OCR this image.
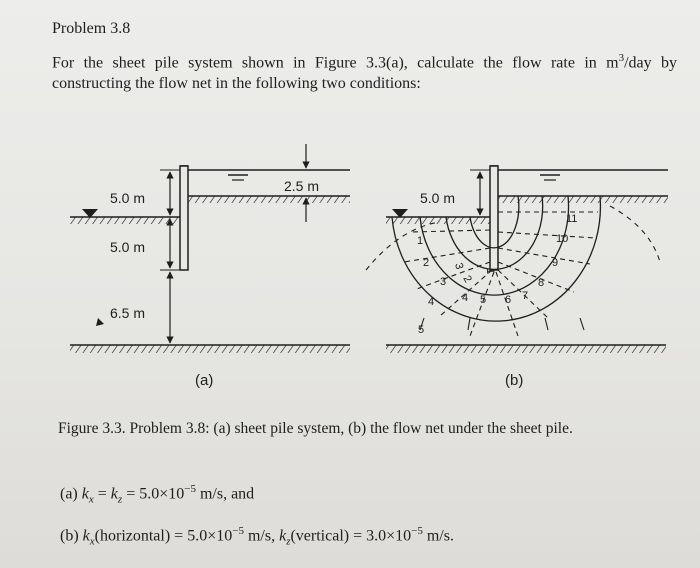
Problem 3.8
For the sheet pile system shown in Figure 3.3(a), calculate the flow rate in $m^3$/day by constructing the flow net in the following two conditions:
5.0 m
5.0 m
6.5 m
2.5 m
(a)
5.0 m
1
2
3
4 5 6 7
8
9
10
11
1
2
3
4
5
(b)
Figure 3.3. Problem 3.8: (a) sheet pile system, (b) the flow net under the sheet pile.
(a) $k_x = k_z = 5.0\times 10^{-5}$ m/s, and
(b) $k_x(horizontal) = 5.0\times 10^{-5}$ m/s, $k_z(vertical) = 3.0\times 10^{-5}$ m/s.
